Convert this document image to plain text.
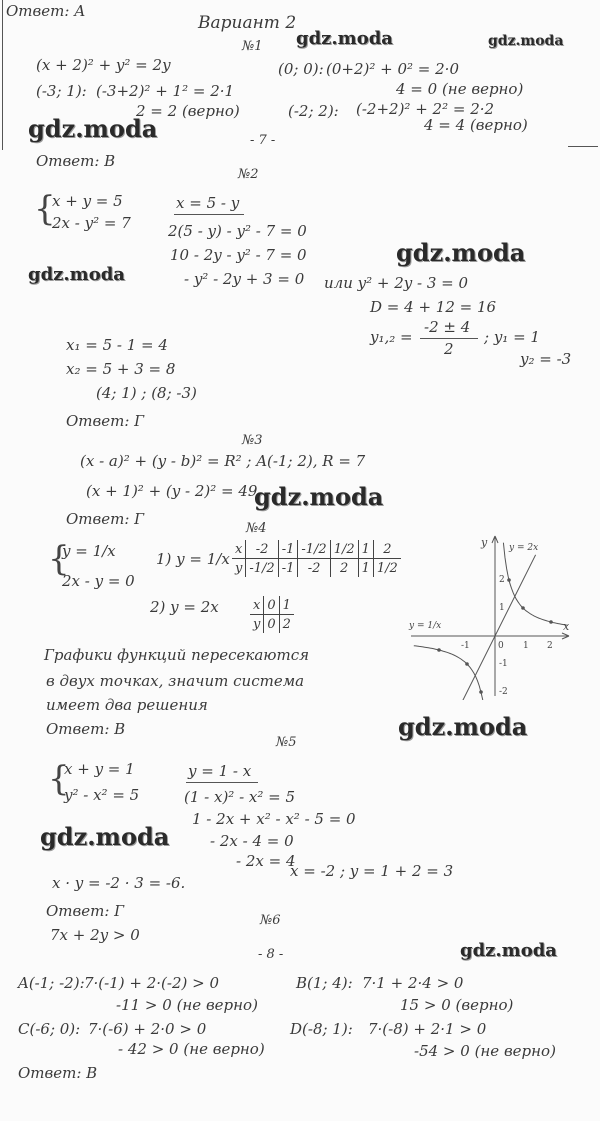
Ответ: А
Вариант 2
gdz.moda	gdz.moda
№1
(x + 2)² + y² = 2y	(0; 0): (0+2)² + 0² = 2·0
(-3; 1): (-3+2)² + 1² = 2·1	4 = 0 (не верно)
2 = 2 (верно)	(-2; 2): (-2+2)² + 2² = 2·2
4 = 4 (верно)
gdz.moda	- 7 -
Ответ: В
№2
{
x + y = 5
2x - y² = 7
x = 5 - y
2(5 - y) - y² - 7 = 0
gdz.moda
10 - 2y - y² - 7 = 0
gdz.moda	- y² - 2y + 3 = 0 или y² + 2y - 3 = 0
D = 4 + 12 = 16
y₁,₂ =
-2 ± 4
2
; y₁ = 1
y₂ = -3
x₁ = 5 - 1 = 4
x₂ = 5 + 3 = 8
(4; 1) ; (8; -3)
Ответ: Г
№3
(x - a)² + (y - b)² = R² ; A(-1; 2), R = 7
(x + 1)² + (y - 2)² = 49
gdz.moda
Ответ: Г
№4
{
y = 1/x
2x - y = 0
1) y = 1/x
x	-2	-1	-1/2	1/2	1	2
y	-1/2	-1	-2	2	1	1/2
2) y = 2x	x	0	1
y	0	2
y
x
0
-1	1 2
2
1
-1
-2
y = 1/x
y = 2x
Графики функций пересекаются
в двух точках, значит система
имеет два решения
gdz.moda
Ответ: В
№5
{
x + y = 1
y² - x² = 5
y = 1 - x
(1 - x)² - x² = 5
1 - 2x + x² - x² - 5 = 0
gdz.moda	- 2x - 4 = 0
- 2x = 4
x = -2 ; y = 1 + 2 = 3
x · y = -2 · 3 = -6.
Ответ: Г
№6
7x + 2y > 0
- 8 -	gdz.moda
A(-1; -2): 7·(-1) + 2·(-2) > 0	B(1; 4): 7·1 + 2·4 > 0
-11 > 0 (не верно)	15 > 0 (верно)
C(-6; 0): 7·(-6) + 2·0 > 0	D(-8; 1): 7·(-8) + 2·1 > 0
- 42 > 0 (не верно)	-54 > 0 (не верно)
Ответ: В
